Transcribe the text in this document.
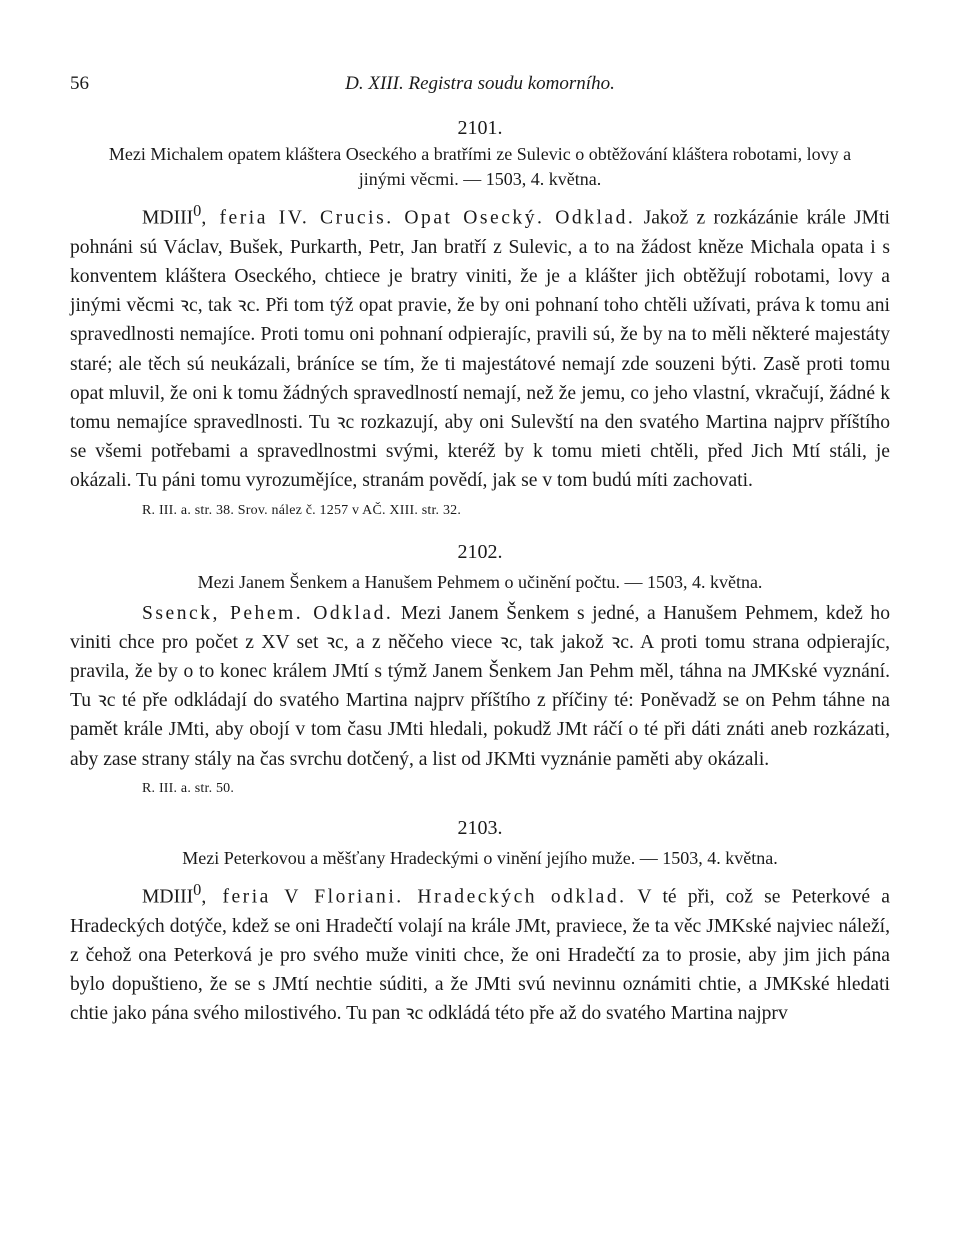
56	D. XIII. Registra soudu komorního.

2101.

Mezi Michalem opatem kláštera Oseckého a bratřími ze Sulevic o obtěžování kláštera robotami, lovy a jinými věcmi. — 1503, 4. května.

MDIII$^0$, feria IV. Crucis. Opat Osecký. Odklad. Jakož z rozkázánie krále JMti pohnáni sú Václav, Bušek, Purkarth, Petr, Jan bratří z Sulevic, a to na žádost kněze Michala opata i s konventem kláštera Oseckého, chtiece je bratry viniti, že je a klášter jich obtěžují robotami, lovy a jinými věcmi ꝛc, tak ꝛc. Při tom týž opat pravie, že by oni pohnaní toho chtěli užívati, práva k tomu ani spravedlnosti nemajíce. Proti tomu oni pohnaní odpierajíc, pravili sú, že by na to měli některé majestáty staré; ale těch sú neukázali, bráníce se tím, že ti majestátové nemají zde souzeni býti. Zasě proti tomu opat mluvil, že oni k tomu žádných spravedlností nemají, než že jemu, co jeho vlastní, vkračují, žádné k tomu nemajíce spravedlnosti. Tu ꝛc rozkazují, aby oni Sulevští na den svatého Martina najprv příštího se všemi potřebami a spravedlnostmi svými, kteréž by k tomu mieti chtěli, před Jich Mtí stáli, je okázali. Tu páni tomu vyrozumějíce, stranám povědí, jak se v tom budú míti zachovati.

R. III. a. str. 38. Srov. nález č. 1257 v AČ. XIII. str. 32.

2102.

Mezi Janem Šenkem a Hanušem Pehmem o učinění počtu. — 1503, 4. května.

Ssenck, Pehem. Odklad. Mezi Janem Šenkem s jedné, a Hanušem Pehmem, kdež ho viniti chce pro počet z XV set ꝛc, a z něčeho viece ꝛc, tak jakož ꝛc. A proti tomu strana odpierajíc, pravila, že by o to konec králem JMtí s týmž Janem Šenkem Jan Pehm měl, táhna na JMKské vyznání. Tu ꝛc té pře odkládají do svatého Martina najprv příštího z příčiny té: Poněvadž se on Pehm táhne na pamět krále JMti, aby obojí v tom času JMti hledali, pokudž JMt ráčí o té při dáti znáti aneb rozkázati, aby zase strany stály na čas svrchu dotčený, a list od JKMti vyznánie paměti aby okázali.

R. III. a. str. 50.

2103.

Mezi Peterkovou a měšťany Hradeckými o vinění jejího muže. — 1503, 4. května.

MDIII$^0$, feria V Floriani. Hradeckých odklad. V té při, což se Peterkové a Hradeckých dotýče, kdež se oni Hradečtí volají na krále JMt, praviece, že ta věc JMKské najviec náleží, z čehož ona Peterková je pro svého muže viniti chce, že oni Hradečtí za to prosie, aby jim jich pána bylo dopuštieno, že se s JMtí nechtie súditi, a že JMti svú nevinnu oznámiti chtie, a JMKské hledati chtie jako pána svého milostivého. Tu pan ꝛc odkládá této pře až do svatého Martina najprv
